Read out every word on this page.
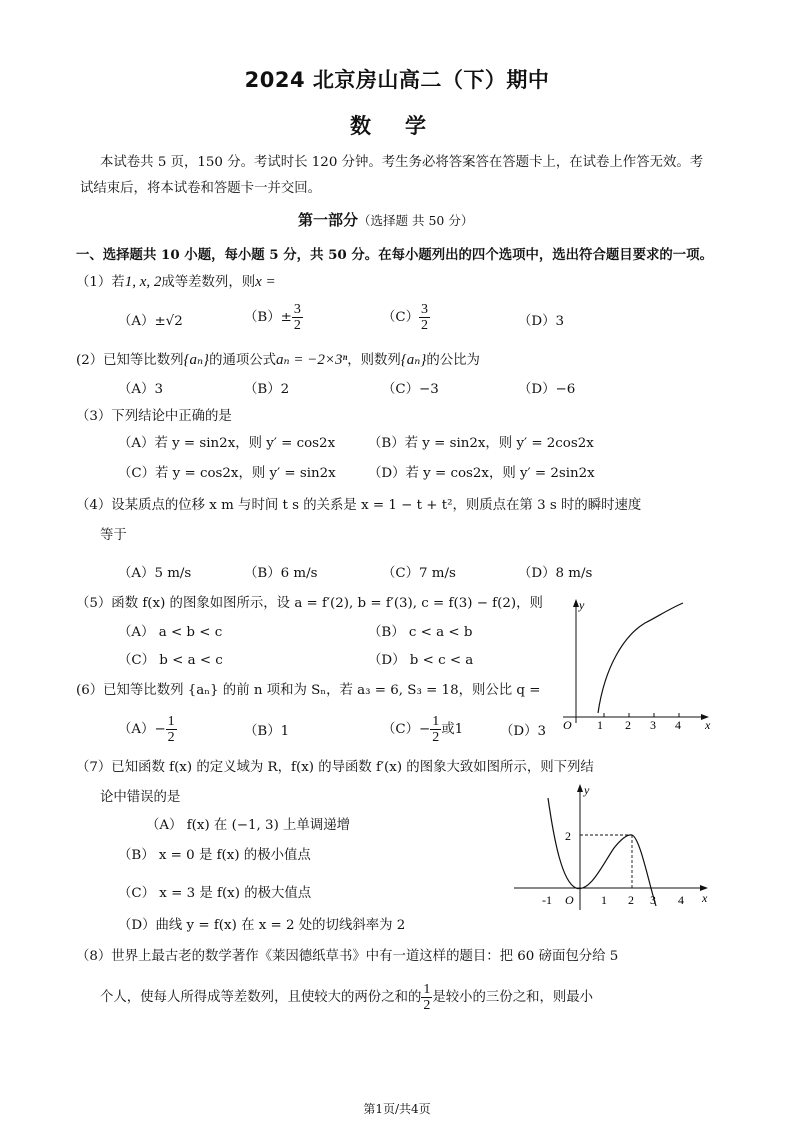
2024 北京房山高二（下）期中
数学
本试卷共 5 页，150 分。考试时长 120 分钟。考生务必将答案答在答题卡上，在试卷上作答无效。考
试结束后，将本试卷和答题卡一并交回。
第一部分（选择题 共 50 分）
一、选择题共 10 小题，每小题 5 分，共 50 分。在每小题列出的四个选项中，选出符合题目要求的一项。
（1）若1, x, 2成等差数列，则x =
（A）±√2	$(B)\pm \frac{3}{2}$	$(C) \frac{3}{2}$	（D）3
(2）已知等比数列{aₙ}的通项公式aₙ = −2×3ⁿ，则数列{aₙ}的公比为
（A）3	（B）2	（C）−3	（D）−6
（3）下列结论中正确的是
（A）若 y = sin2x，则 y′ = cos2x （B）若 y = sin2x，则 y′ = 2cos2x
（C）若 y = cos2x，则 y′ = sin2x （D）若 y = cos2x，则 y′ = 2sin2x
（4）设某质点的位移 x m 与时间 t s 的关系是 x = 1 − t + t²，则质点在第 3 s 时的瞬时速度
等于
（A）5 m/s	（B）6 m/s	（C）7 m/s	（D）8 m/s
（5）函数 f(x) 的图象如图所示，设 a = f′(2), b = f′(3), c = f(3) − f(2)，则
（A） a < b < c	（B） c < a < b
（C） b < a < c	（D） b < c < a
y
x
O 1 2 3 4
(6）已知等比数列 {aₙ} 的前 n 项和为 Sₙ，若 a₃ = 6, S₃ = 18，则公比 q =
$(A)- \frac{1}{2}$	（B）1	$(C)- \frac{1}{2}$ 或1	（D）3
（7）已知函数 f(x) 的定义域为 R，f(x) 的导函数 f′(x) 的图象大致如图所示，则下列结
论中错误的是
（A） f(x) 在 (−1, 3) 上单调递增
（B） x = 0 是 f(x) 的极小值点
（C） x = 3 是 f(x) 的极大值点
（D）曲线 y = f(x) 在 x = 2 处的切线斜率为 2
y
x
2
O
-1	1 2 3 4
（8）世界上最古老的数学著作《莱因德纸草书》中有一道这样的题目：把 60 磅面包分给 5
个人，使每人所得成等差数列，且使较大的两份之和的 $\frac{1}{2}$ 是较小的三份之和，则最小
第1页/共4页
